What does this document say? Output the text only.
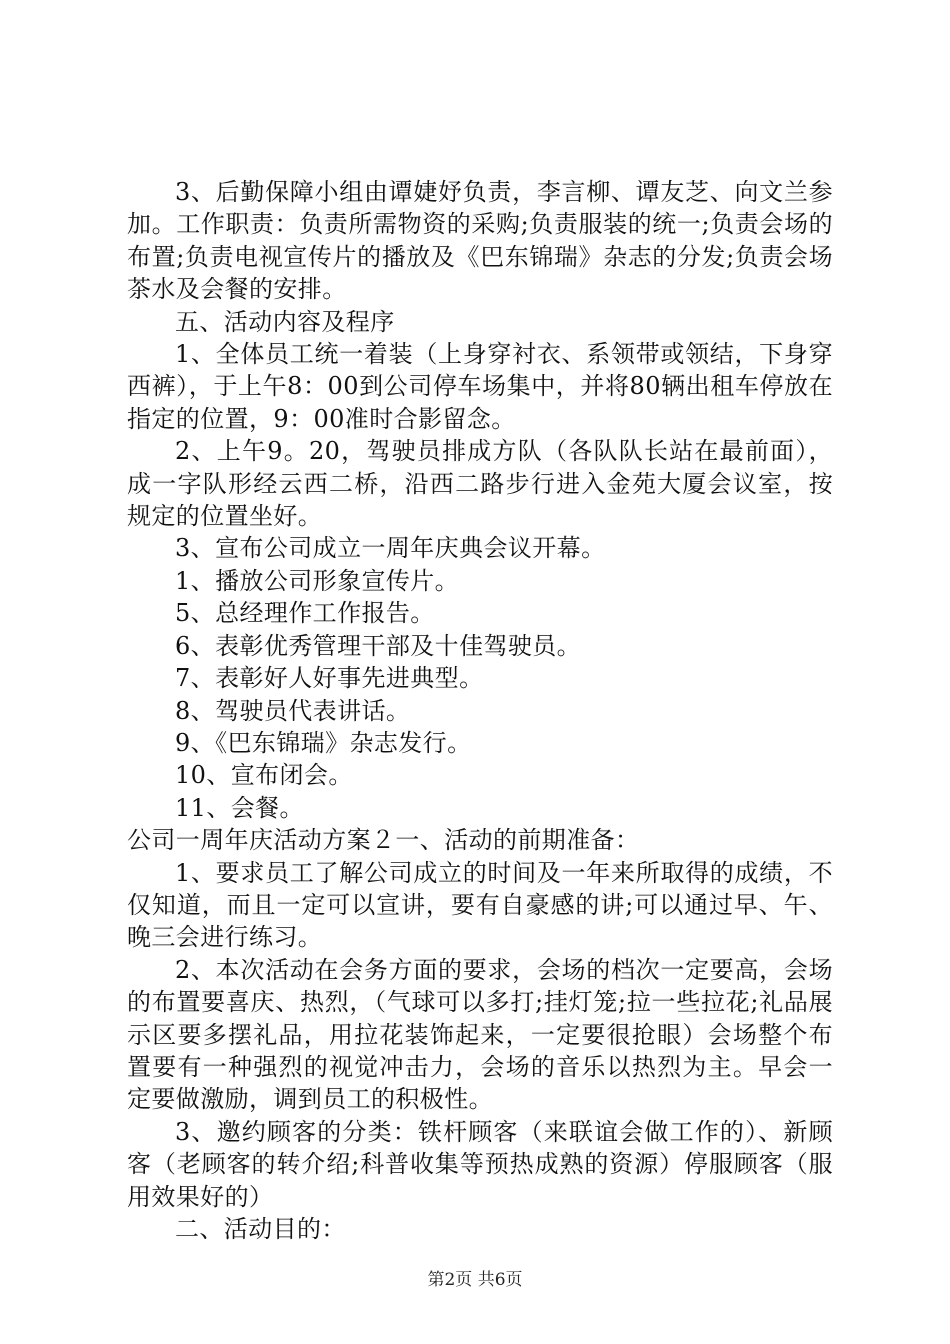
3、后勤保障小组由谭婕妤负责，李言柳、谭友芝、向文兰参加。工作职责：负责所需物资的采购;负责服装的统一;负责会场的布置;负责电视宣传片的播放及《巴东锦瑞》杂志的分发;负责会场茶水及会餐的安排。

五、活动内容及程序

1、全体员工统一着装（上身穿衬衣、系领带或领结，下身穿西裤），于上午8：00到公司停车场集中，并将80辆出租车停放在指定的位置，9：00准时合影留念。

2、上午9。20，驾驶员排成方队（各队队长站在最前面），成一字队形经云西二桥，沿西二路步行进入金苑大厦会议室，按规定的位置坐好。

3、宣布公司成立一周年庆典会议开幕。

1、播放公司形象宣传片。

5、总经理作工作报告。

6、表彰优秀管理干部及十佳驾驶员。

7、表彰好人好事先进典型。

8、驾驶员代表讲话。

9、《巴东锦瑞》杂志发行。

10、宣布闭会。

11、会餐。

公司一周年庆活动方案２一、活动的前期准备：

1、要求员工了解公司成立的时间及一年来所取得的成绩，不仅知道，而且一定可以宣讲，要有自豪感的讲;可以通过早、午、晚三会进行练习。

2、本次活动在会务方面的要求，会场的档次一定要高，会场的布置要喜庆、热烈，（气球可以多打;挂灯笼;拉一些拉花;礼品展示区要多摆礼品，用拉花装饰起来，一定要很抢眼）会场整个布置要有一种强烈的视觉冲击力，会场的音乐以热烈为主。早会一定要做激励，调到员工的积极性。

3、邀约顾客的分类：铁杆顾客（来联谊会做工作的）、新顾客（老顾客的转介绍;科普收集等预热成熟的资源）停服顾客（服用效果好的）

二、活动目的：

第2页 共6页
